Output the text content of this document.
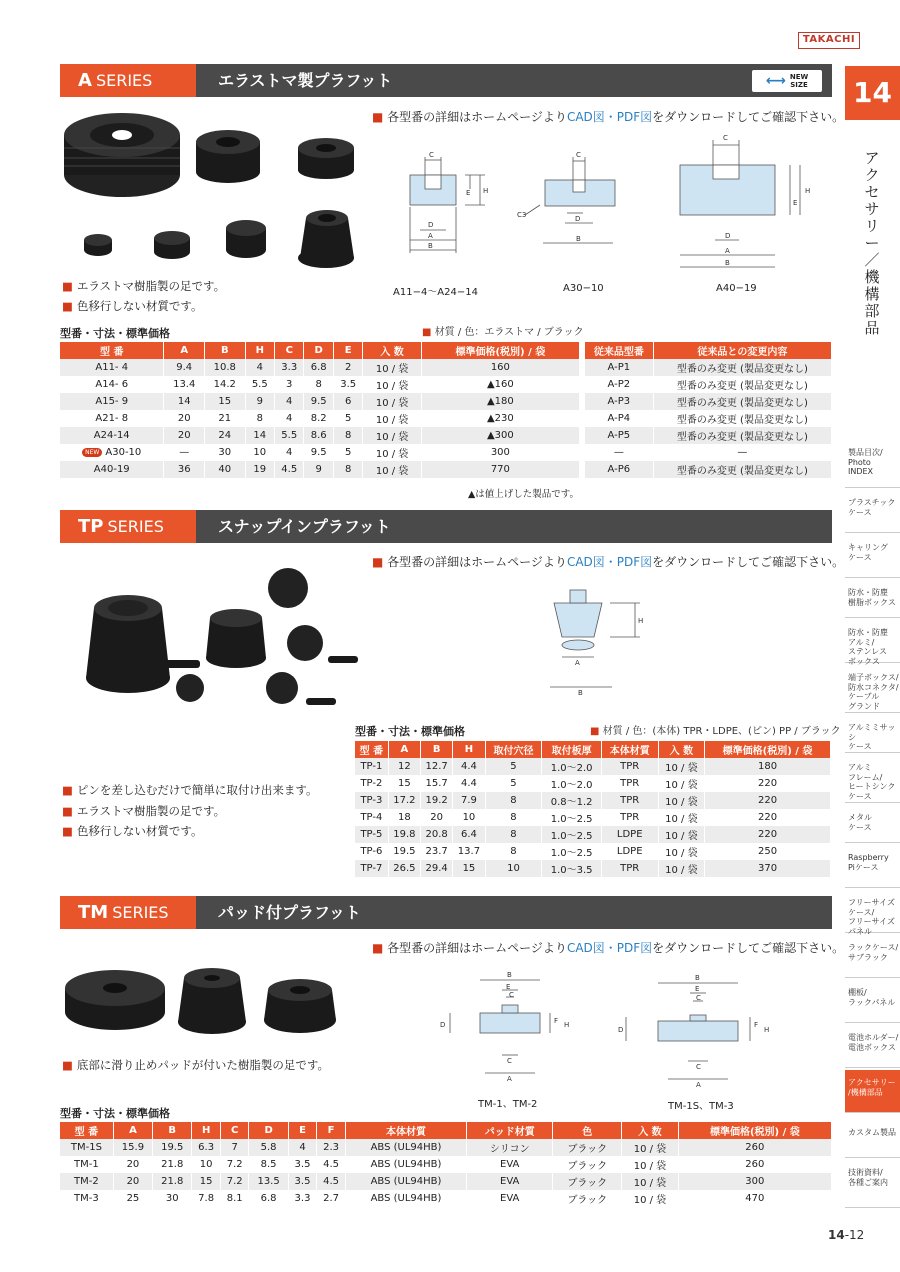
TAKACHI
14
アクセサリー／機構部品
製品目次/
Photo
INDEX
プラスチック
ケース
キャリング
ケース
防水・防塵
樹脂ボックス
防水・防塵
アルミ/
ステンレス
ボックス
端子ボックス/
防水コネクタ/
ケーブル
グランド
アルミミサッシ
ケース
アルミ
フレーム/
ヒートシンク
ケース
メタル
ケース
Raspberry
Piケース
フリーサイズ
ケース/
フリーサイズ
パネル
ラックケース/
サブラック
棚板/
ラックパネル
電池ホルダー/
電池ボックス
アクセサリー
/機構部品
カスタム製品
技術資料/
各種ご案内
A SERIES	エラストマ製プラフット	⟷ NEW
SIZE
■ 各型番の詳細はホームページよりCAD図・PDF図をダウンロードしてご確認下さい。
C
H
E
D
A
B
C
D
B
C3
C
H
E
D
A
B
A11−4〜A24−14	A30−10	A40−19
■ エラストマ樹脂製の足です。
■ 色移行しない材質です。
型番・寸法・標準価格	■ 材質 / 色：エラストマ / ブラック
型 番	A	B	H	C	D	E	入 数	標準価格(税別) / 袋
A11- 4	9.4	10.8	4	3.3	6.8	2	10 / 袋	160
A14- 6	13.4	14.2	5.5	3	8	3.5	10 / 袋	▲160
A15- 9	14	15	9	4	9.5	6	10 / 袋	▲180
A21- 8	20	21	8	4	8.2	5	10 / 袋	▲230
A24-14	20	24	14	5.5	8.6	8	10 / 袋	▲300
NEW A30-10	—	30	10	4	9.5	5	10 / 袋	300
A40-19	36	40	19	4.5	9	8	10 / 袋	770
従来品型番	従来品との変更内容
A-P1	型番のみ変更 (製品変更なし)
A-P2	型番のみ変更 (製品変更なし)
A-P3	型番のみ変更 (製品変更なし)
A-P4	型番のみ変更 (製品変更なし)
A-P5	型番のみ変更 (製品変更なし)
—	—
A-P6	型番のみ変更 (製品変更なし)
▲は値上げした製品です。
TP SERIES	スナップインプラフット
■ 各型番の詳細はホームページよりCAD図・PDF図をダウンロードしてご確認下さい。
H
A
B
型番・寸法・標準価格	■ 材質 / 色：(本体) TPR・LDPE、(ピン) PP / ブラック
型 番	A	B	H	取付穴径	取付板厚	本体材質	入 数	標準価格(税別) / 袋
TP-1	12	12.7	4.4	5	1.0〜2.0	TPR	10 / 袋	180
TP-2	15	15.7	4.4	5	1.0〜2.0	TPR	10 / 袋	220
TP-3	17.2	19.2	7.9	8	0.8〜1.2	TPR	10 / 袋	220
TP-4	18	20	10	8	1.0〜2.5	TPR	10 / 袋	220
TP-5	19.8	20.8	6.4	8	1.0〜2.5	LDPE	10 / 袋	220
TP-6	19.5	23.7	13.7	8	1.0〜2.5	LDPE	10 / 袋	250
TP-7	26.5	29.4	15	10	1.0〜3.5	TPR	10 / 袋	370
■ ピンを差し込むだけで簡単に取付け出来ます。
■ エラストマ樹脂製の足です。
■ 色移行しない材質です。
TM SERIES	パッド付プラフット
■ 各型番の詳細はホームページよりCAD図・PDF図をダウンロードしてご確認下さい。
B
E
C
D	F H
C
A
B
E
C
D
F
H
C
A
TM-1、TM-2	TM-1S、TM-3
■ 底部に滑り止めパッドが付いた樹脂製の足です。
型番・寸法・標準価格
型 番	A	B	H	C	D	E	F	本体材質	パッド材質	色	入 数	標準価格(税別) / 袋
TM-1S	15.9	19.5	6.3	7	5.8	4	2.3	ABS (UL94HB)	シリコン	ブラック	10 / 袋	260
TM-1	20	21.8	10	7.2	8.5	3.5	4.5	ABS (UL94HB)	EVA	ブラック	10 / 袋	260
TM-2	20	21.8	15	7.2	13.5	3.5	4.5	ABS (UL94HB)	EVA	ブラック	10 / 袋	300
TM-3	25	30	7.8	8.1	6.8	3.3	2.7	ABS (UL94HB)	EVA	ブラック	10 / 袋	470
14-12
